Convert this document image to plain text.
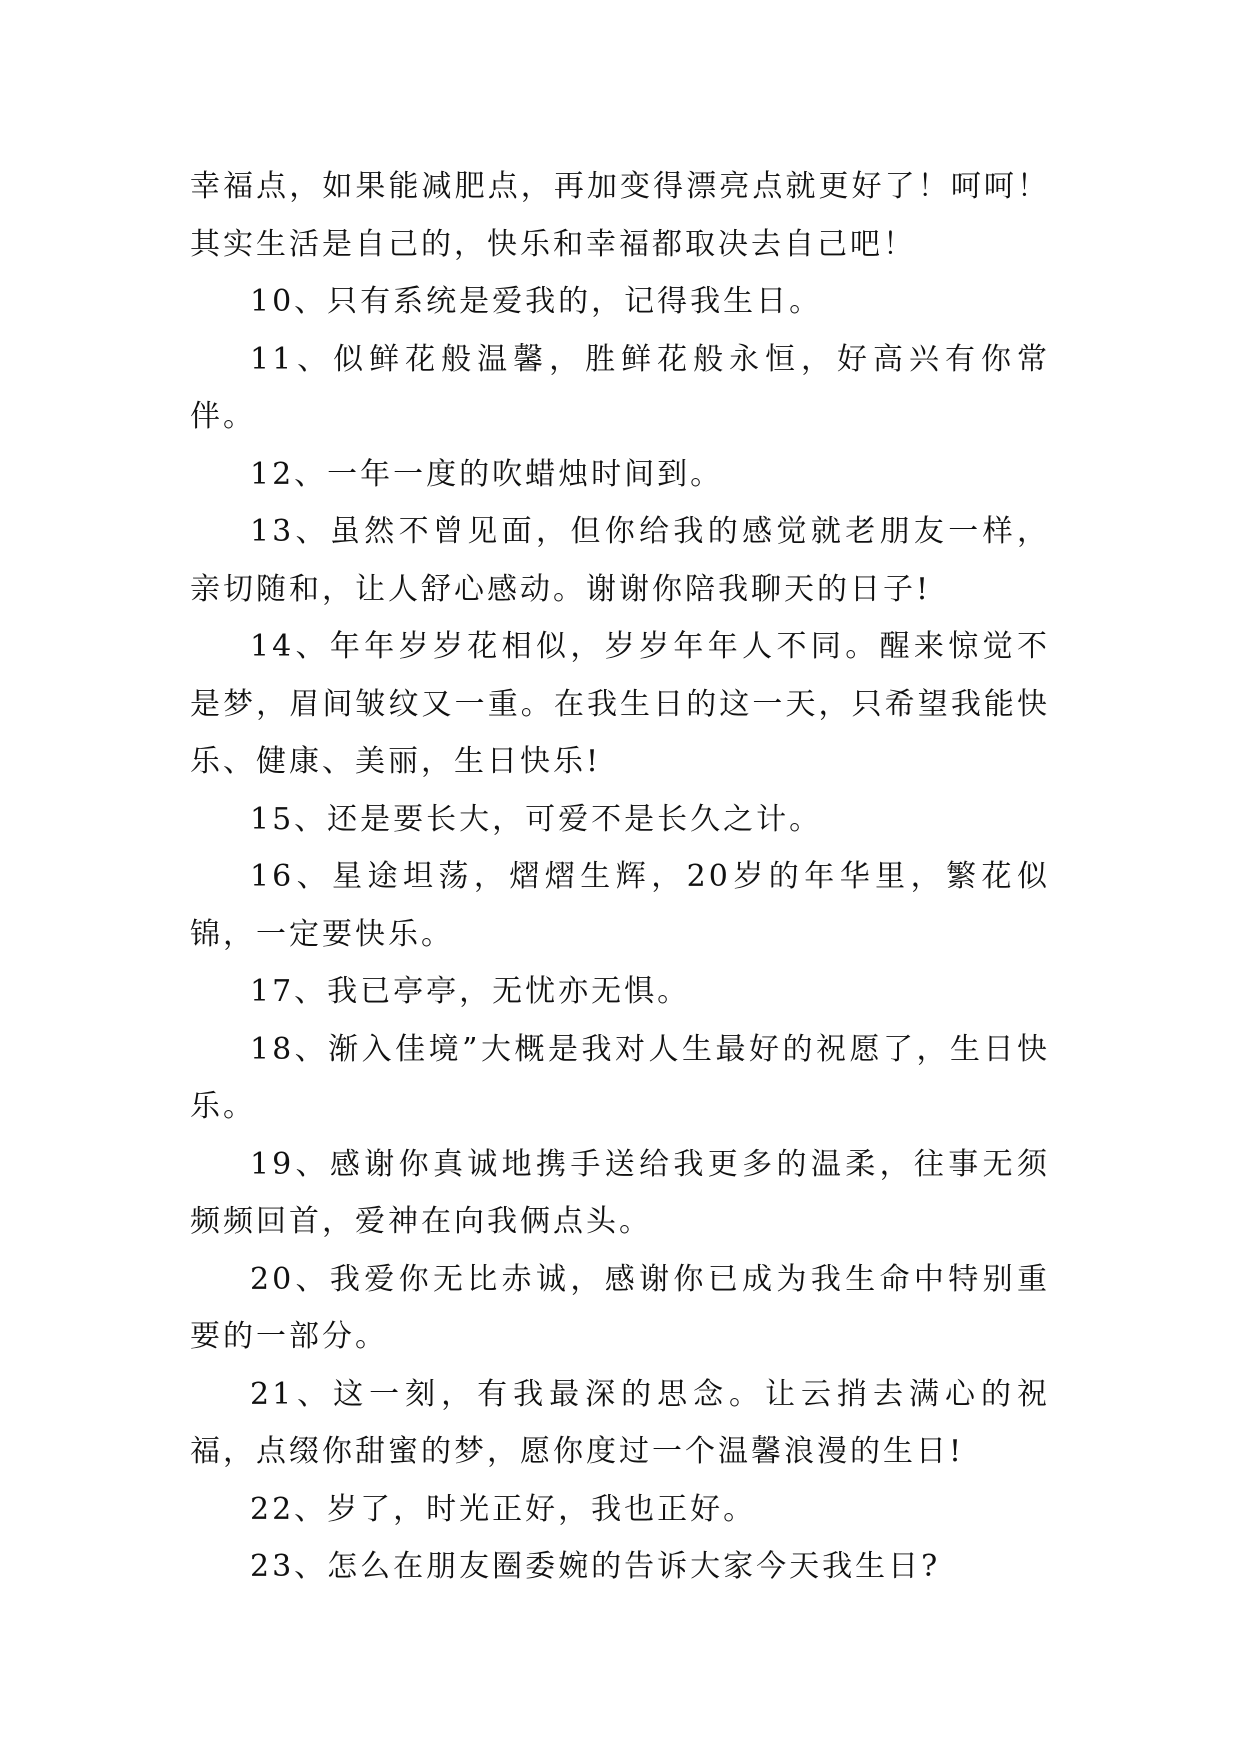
幸福点，如果能减肥点，再加变得漂亮点就更好了！呵呵！其实生活是自己的，快乐和幸福都取决去自己吧！

10、只有系统是爱我的，记得我生日。

11、似鲜花般温馨，胜鲜花般永恒，好高兴有你常伴。

12、一年一度的吹蜡烛时间到。

13、虽然不曾见面，但你给我的感觉就老朋友一样，亲切随和，让人舒心感动。谢谢你陪我聊天的日子!

14、年年岁岁花相似，岁岁年年人不同。醒来惊觉不是梦，眉间皱纹又一重。在我生日的这一天，只希望我能快乐、健康、美丽，生日快乐!

15、还是要长大，可爱不是长久之计。

16、星途坦荡，熠熠生辉，20岁的年华里，繁花似锦，一定要快乐。

17、我已亭亭，无忧亦无惧。

18、渐入佳境”大概是我对人生最好的祝愿了，生日快乐。

19、感谢你真诚地携手送给我更多的温柔，往事无须频频回首，爱神在向我俩点头。

20、我爱你无比赤诚，感谢你已成为我生命中特别重要的一部分。

21、这一刻，有我最深的思念。让云捎去满心的祝福，点缀你甜蜜的梦，愿你度过一个温馨浪漫的生日!

22、岁了，时光正好，我也正好。

23、怎么在朋友圈委婉的告诉大家今天我生日?
